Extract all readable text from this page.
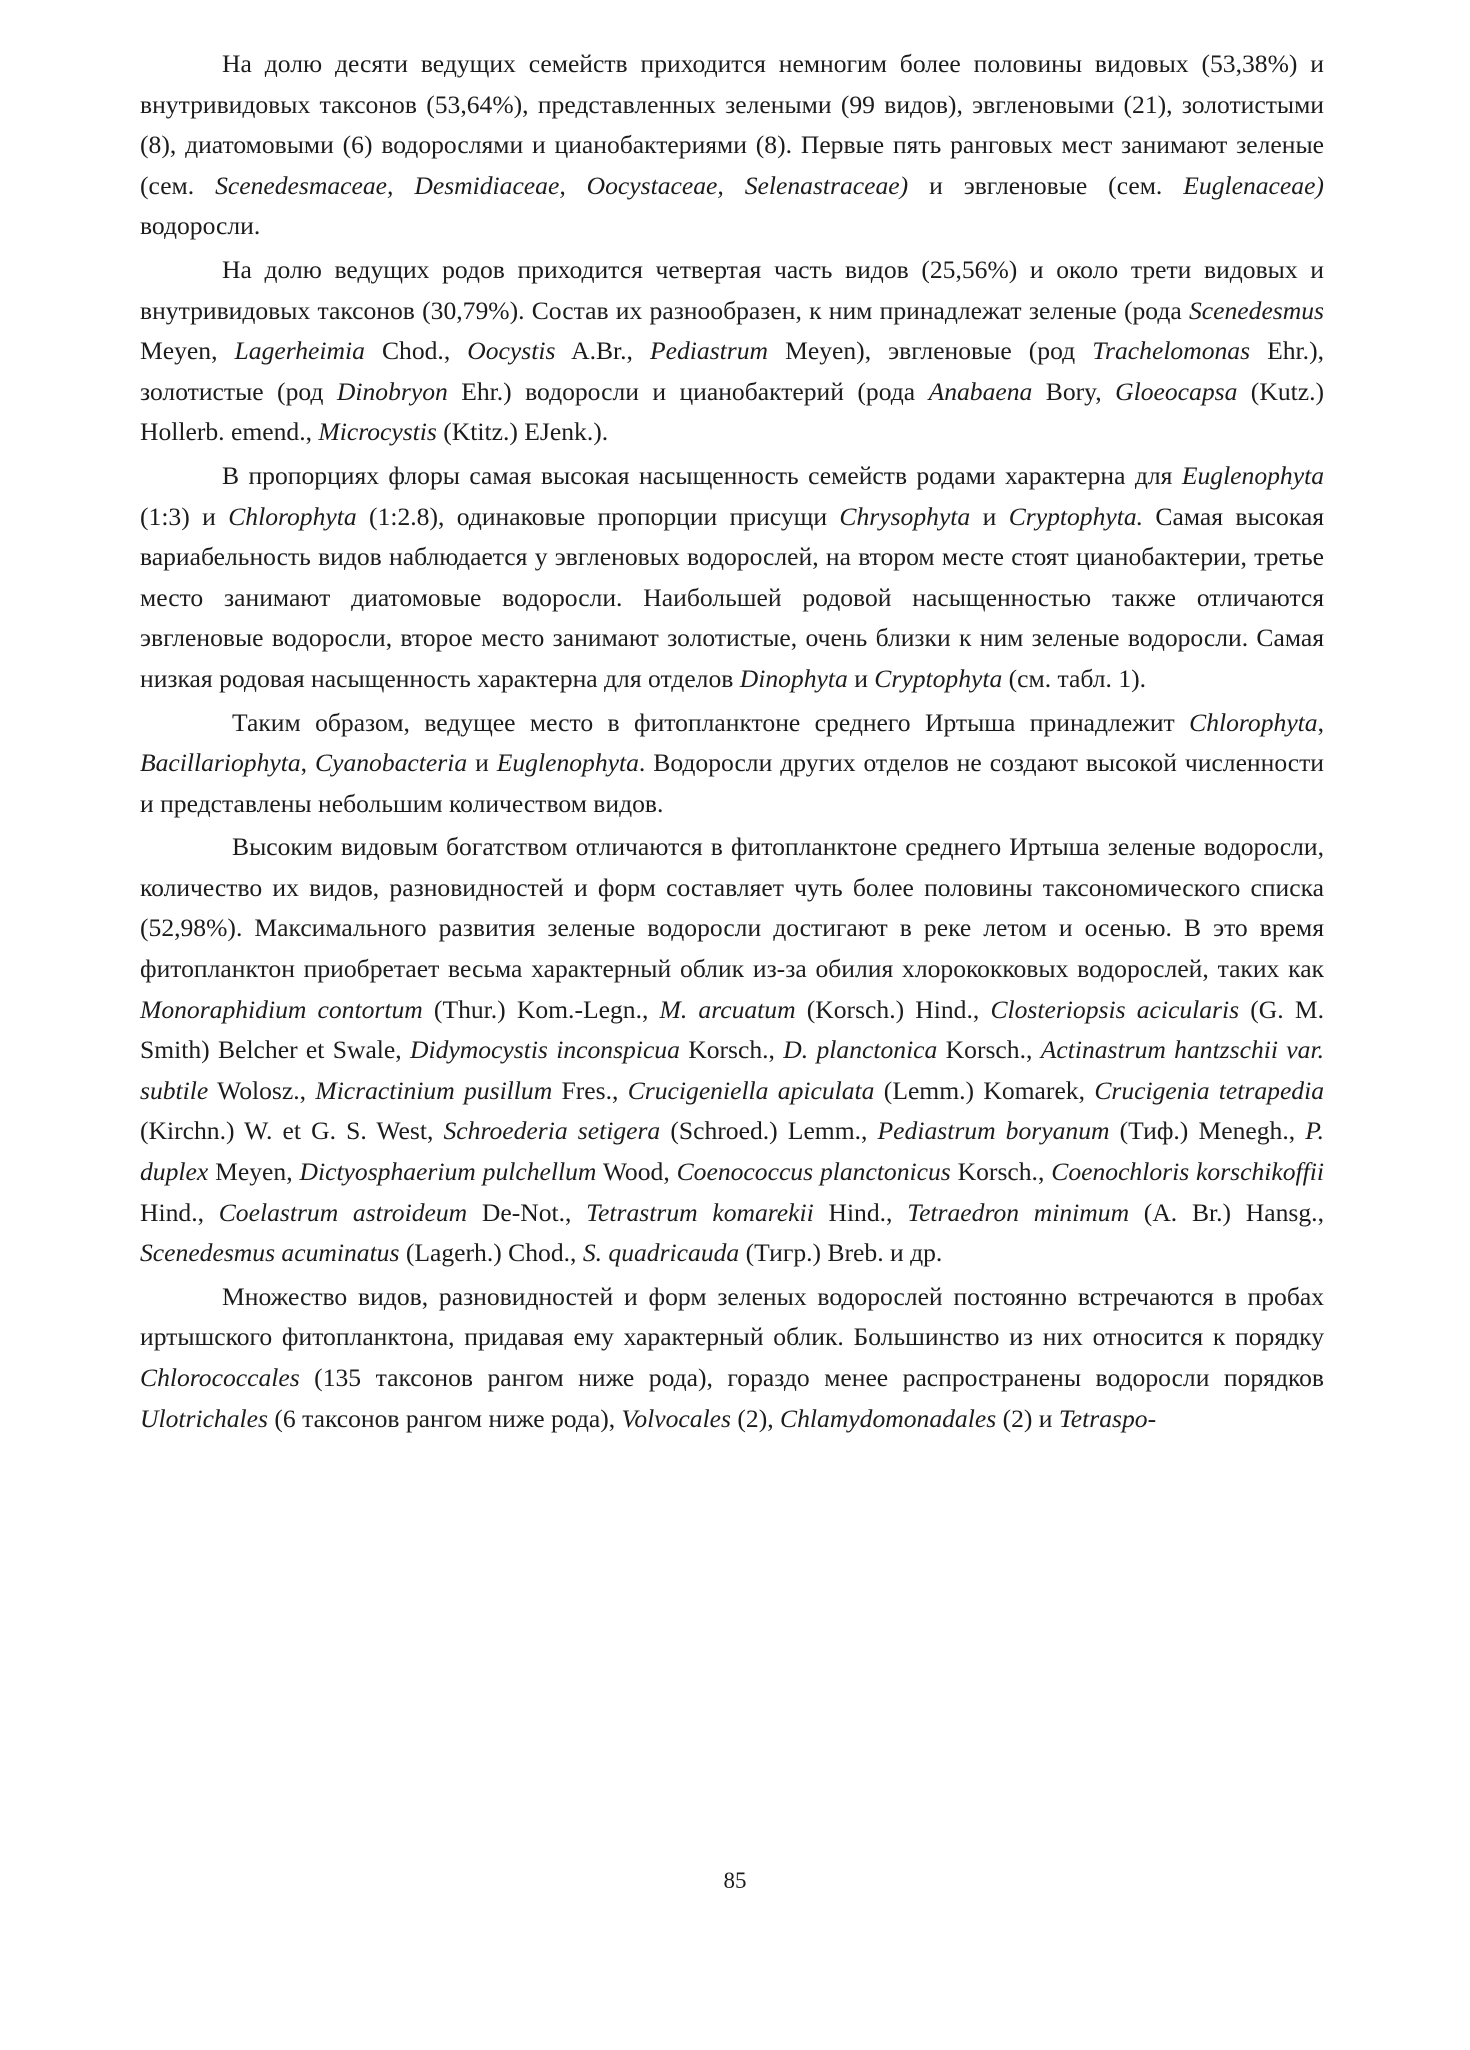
На долю десяти ведущих семейств приходится немногим более половины видовых (53,38%) и внутривидовых таксонов (53,64%), представленных зелеными (99 видов), эвгленовыми (21), золотистыми (8), диатомовыми (6) водорослями и цианобактериями (8). Первые пять ранговых мест занимают зеленые (сем. Scenedesmaceae, Desmidiaceae, Oocystaceae, Selenastraceae) и эвгленовые (сем. Euglenaceae) водоросли.

На долю ведущих родов приходится четвертая часть видов (25,56%) и около трети видовых и внутривидовых таксонов (30,79%). Состав их разнообразен, к ним принадлежат зеленые (рода Scenedesmus Meyen, Lagerheimia Chod., Oocystis A.Br., Pediastrum Meyen), эвгленовые (род Trachelomonas Ehr.), золотистые (род Dinobryon Ehr.) водоросли и цианобактерий (рода Anabaena Bory, Gloeocapsa (Kutz.) Hollerb. emend., Microcystis (Ktitz.) EJenk.).

В пропорциях флоры самая высокая насыщенность семейств родами характерна для Euglenophyta (1:3) и Chlorophyta (1:2.8), одинаковые пропорции присущи Chrysophyta и Cryptophyta. Самая высокая вариабельность видов наблюдается у эвгленовых водорослей, на втором месте стоят цианобактерии, третье место занимают диатомовые водоросли. Наибольшей родовой насыщенностью также отличаются эвгленовые водоросли, второе место занимают золотистые, очень близки к ним зеленые водоросли. Самая низкая родовая насыщенность характерна для отделов Dinophyta и Cryptophyta (см. табл. 1).

Таким образом, ведущее место в фитопланктоне среднего Иртыша принадлежит Chlorophyta, Bacillariophyta, Cyanobacteria и Euglenophyta. Водоросли других отделов не создают высокой численности и представлены небольшим количеством видов.

Высоким видовым богатством отличаются в фитопланктоне среднего Иртыша зеленые водоросли, количество их видов, разновидностей и форм составляет чуть более половины таксономического списка (52,98%). Максимального развития зеленые водоросли достигают в реке летом и осенью. В это время фитопланктон приобретает весьма характерный облик из-за обилия хлорококковых водорослей, таких как Monoraphidium contortum (Thur.) Kom.-Legn., M. arcuatum (Korsch.) Hind., Closteriopsis acicularis (G. M. Smith) Belcher et Swale, Didymocystis inconspicua Korsch., D. planctonica Korsch., Actinastrum hantzschii var. subtile Wolosz., Micractinium pusillum Fres., Crucigeniella apiculata (Lemm.) Komarek, Crucigenia tetrapedia (Kirchn.) W. et G. S. West, Schroederia setigera (Schroed.) Lemm., Pediastrum boryanum (Тиф.) Menegh., P. duplex Meyen, Dictyosphaerium pulchellum Wood, Coenococcus planctonicus Korsch., Coenochloris korschikoffii Hind., Coelastrum astroideum De-Not., Tetrastrum komarekii Hind., Tetraedron minimum (A. Br.) Hansg., Scenedesmus acuminatus (Lagerh.) Chod., S. quadricauda (Тигр.) Breb. и др.

Множество видов, разновидностей и форм зеленых водорослей постоянно встречаются в пробах иртышского фитопланктона, придавая ему характерный облик. Большинство из них относится к порядку Chlorococcales (135 таксонов рангом ниже рода), гораздо менее распространены водоросли порядков Ulotrichales (6 таксонов рангом ниже рода), Volvocales (2), Chlamydomonadales (2) и Tetraspo-

85
